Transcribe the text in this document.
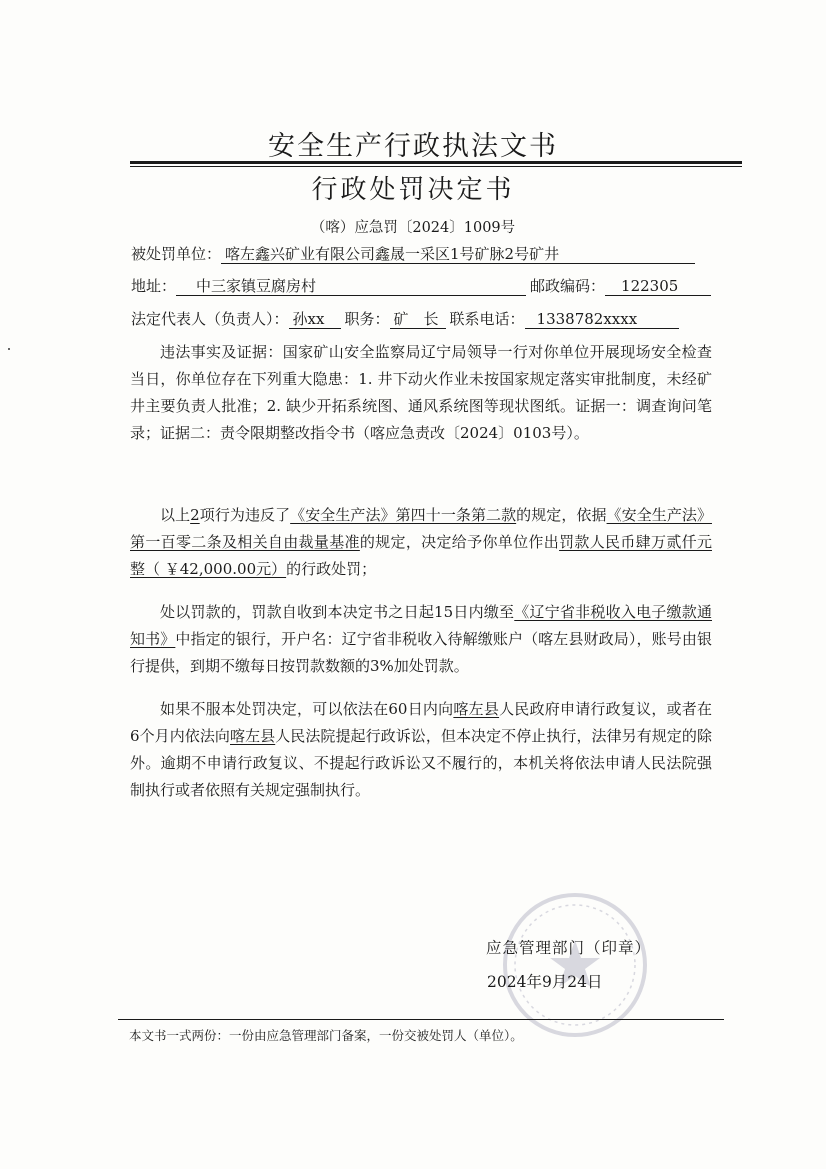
安全生产行政执法文书
行政处罚决定书
（喀）应急罚〔2024〕1009号
被处罚单位： 喀左鑫兴矿业有限公司鑫晟一采区1号矿脉2号矿井
地址： 中三家镇豆腐房村	邮政编码： 122305
法定代表人（负责人）： 孙xx 职务： 矿　长 联系电话： 1338782xxxx
违法事实及证据：国家矿山安全监察局辽宁局领导一行对你单位开展现场安全检查当日，你单位存在下列重大隐患：1. 井下动火作业未按国家规定落实审批制度，未经矿井主要负责人批准；2. 缺少开拓系统图、通风系统图等现状图纸。证据一：调查询问笔录；证据二：责令限期整改指令书（喀应急责改〔2024〕0103号）。
以上2项行为违反了《安全生产法》第四十一条第二款的规定，依据《安全生产法》第一百零二条及相关自由裁量基准的规定，决定给予你单位作出罚款人民币肆万贰仟元整（ ￥42,000.00元）的行政处罚；
处以罚款的，罚款自收到本决定书之日起15日内缴至《辽宁省非税收入电子缴款通知书》中指定的银行，开户名：辽宁省非税收入待解缴账户（喀左县财政局），账号由银行提供，到期不缴每日按罚款数额的3%加处罚款。
如果不服本处罚决定，可以依法在60日内向喀左县人民政府申请行政复议，或者在6个月内依法向喀左县人民法院提起行政诉讼，但本决定不停止执行，法律另有规定的除外。逾期不申请行政复议、不提起行政诉讼又不履行的，本机关将依法申请人民法院强制执行或者依照有关规定强制执行。
应急管理部门（印章）
2024年9月24日
本文书一式两份：一份由应急管理部门备案，一份交被处罚人（单位）。
